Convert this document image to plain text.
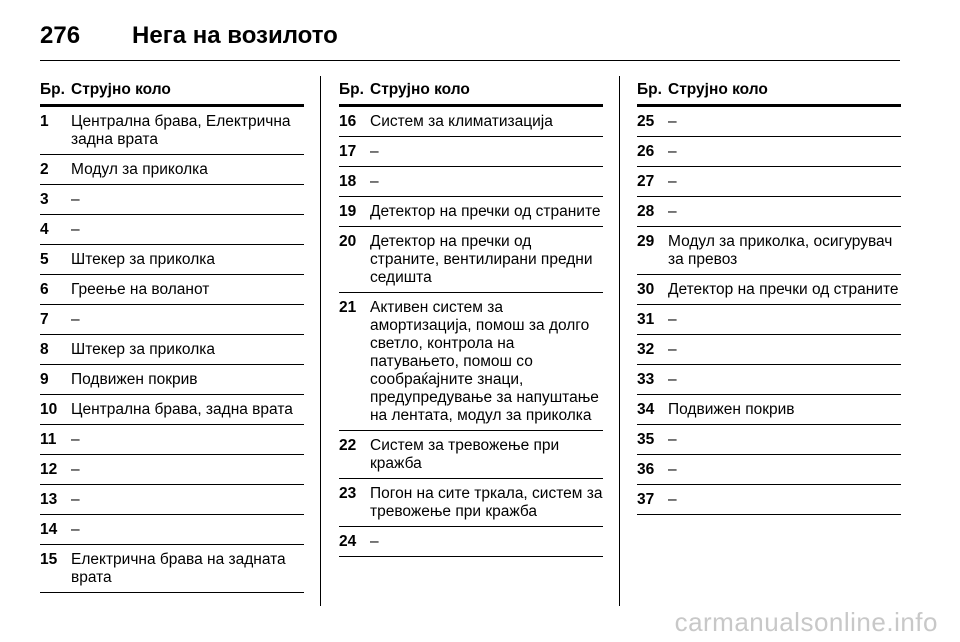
276 Нега на возилото
Бр. Струјно коло
1	Централна брава, Електрична задна врата
2	Модул за приколка
3	–
4	–
5	Штекер за приколка
6	Греење на воланот
7	–
8	Штекер за приколка
9	Подвижен покрив
10 Централна брава, задна врата
11 –
12 –
13 –
14 –
15 Електрична брава на задната врата
Бр. Струјно коло
16 Систем за климатизација
17 –
18 –
19 Детектор на пречки од страните
20 Детектор на пречки од страните, вентилирани предни седишта
21 Активен систем за амортизација, помош за долго светло, контрола на патувањето, помош со сообраќајните знаци, предупредување за напуштање на лентата, модул за приколка
22 Систем за тревожење при кражба
23 Погон на сите тркала, систем за тревожење при кражба
24 –
Бр. Струјно коло
25 –
26 –
27 –
28 –
29 Модул за приколка, осигурувач за превоз
30 Детектор на пречки од страните
31 –
32 –
33 –
34 Подвижен покрив
35 –
36 –
37 –
carmanualsonline.info
